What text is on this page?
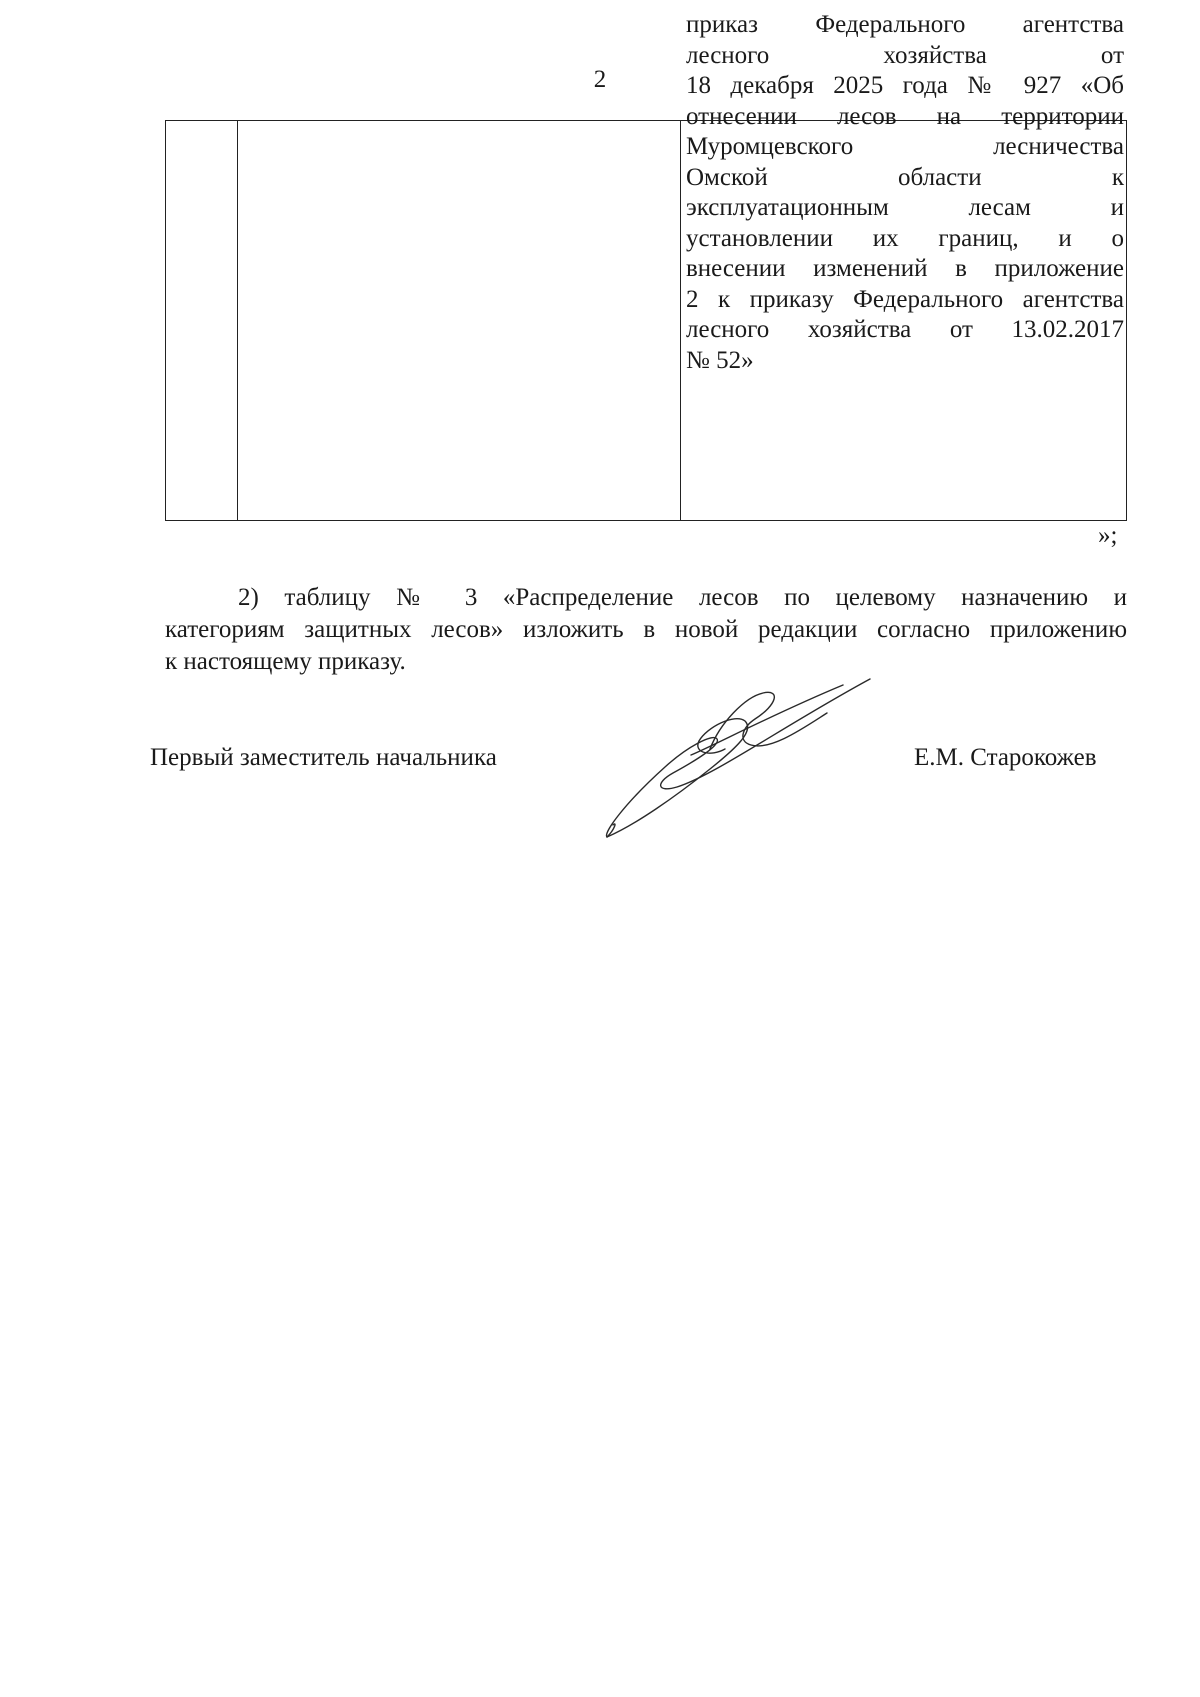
2
приказ Федерального агентства
лесного хозяйства от
18 декабря 2025 года № 927 «Об
отнесении лесов на территории
Муромцевского лесничества
Омской области к
эксплуатационным лесам и
установлении их границ, и о
внесении изменений в приложение
2 к приказу Федерального агентства
лесного хозяйства от 13.02.2017
№ 52»
»;
2) таблицу № 3 «Распределение лесов по целевому назначению и
категориям защитных лесов» изложить в новой редакции согласно приложению
к настоящему приказу.
Первый заместитель начальника	Е.М. Старокожев
